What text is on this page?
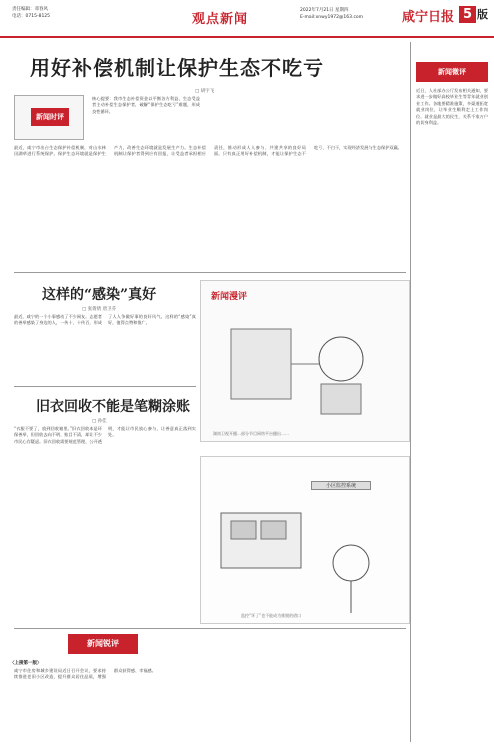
责任编辑：邓春风
电话：0715-8125	观点新闻
2022年7月21日 星期四
E-mail:xnwy1972@163.com	咸宁日报 5 版
用好补偿机制让保护生态不吃亏
□ 胡宇飞
新闻时评
核心提要：我市生态补偿资金以平衡各方利益，生态受益者主动补偿生态保护者，破解“保护生态吃亏”难题，形成良性循环。
最近，咸宁市出台生态保护补偿机制，对山水林田湖草进行系统保护。保护生态环境就是保护生产力，改善生态环境就是发展生产力。生态补偿机制让保护者得到应有回报，让受益者承担相应责任，推动形成人人参与、共建共享的良好局面。只有真正用好补偿机制，才能让保护生态不吃亏、不白干，实现经济发展与生态保护双赢。
这样的“感染”真好
□ 张倩倩 唐卫芬
最近，咸宁的一个小事感动了不少网友。志愿者的善举感染了身边的人，一传十、十传百，形成了人人争做好事的良好风气。这样的“感染”真好，值得点赞和推广。
旧衣回收不能是笔糊涂账
□ 孙佳
“衣服不要了，放到回收箱里。”旧衣回收本是环保善举，但回收去向不明、账目不清，却让不少市民心存疑虑。旧衣回收需要规范管理，公开透明，才能让市民放心参与，让善意真正落到实处。
新闻漫评
湖南卫视开播…部分节目网络平台播出……
小区监控系统
监控“坏了”也不能成为推脱的借口
新闻微评
近日，人社部办公厅发布相关通知，要求进一步做好高校毕业生等青年就业创业工作。各地要精准施策，多渠道拓宽就业岗位，让毕业生顺利走上工作岗位。就业是最大的民生，关系千家万户的切身利益。
新闻锐评
〈上接第一版〉
咸宁市住房和城乡建设局近日召开会议，要求持续推进老旧小区改造，提升群众居住品质，增强群众获得感、幸福感。
